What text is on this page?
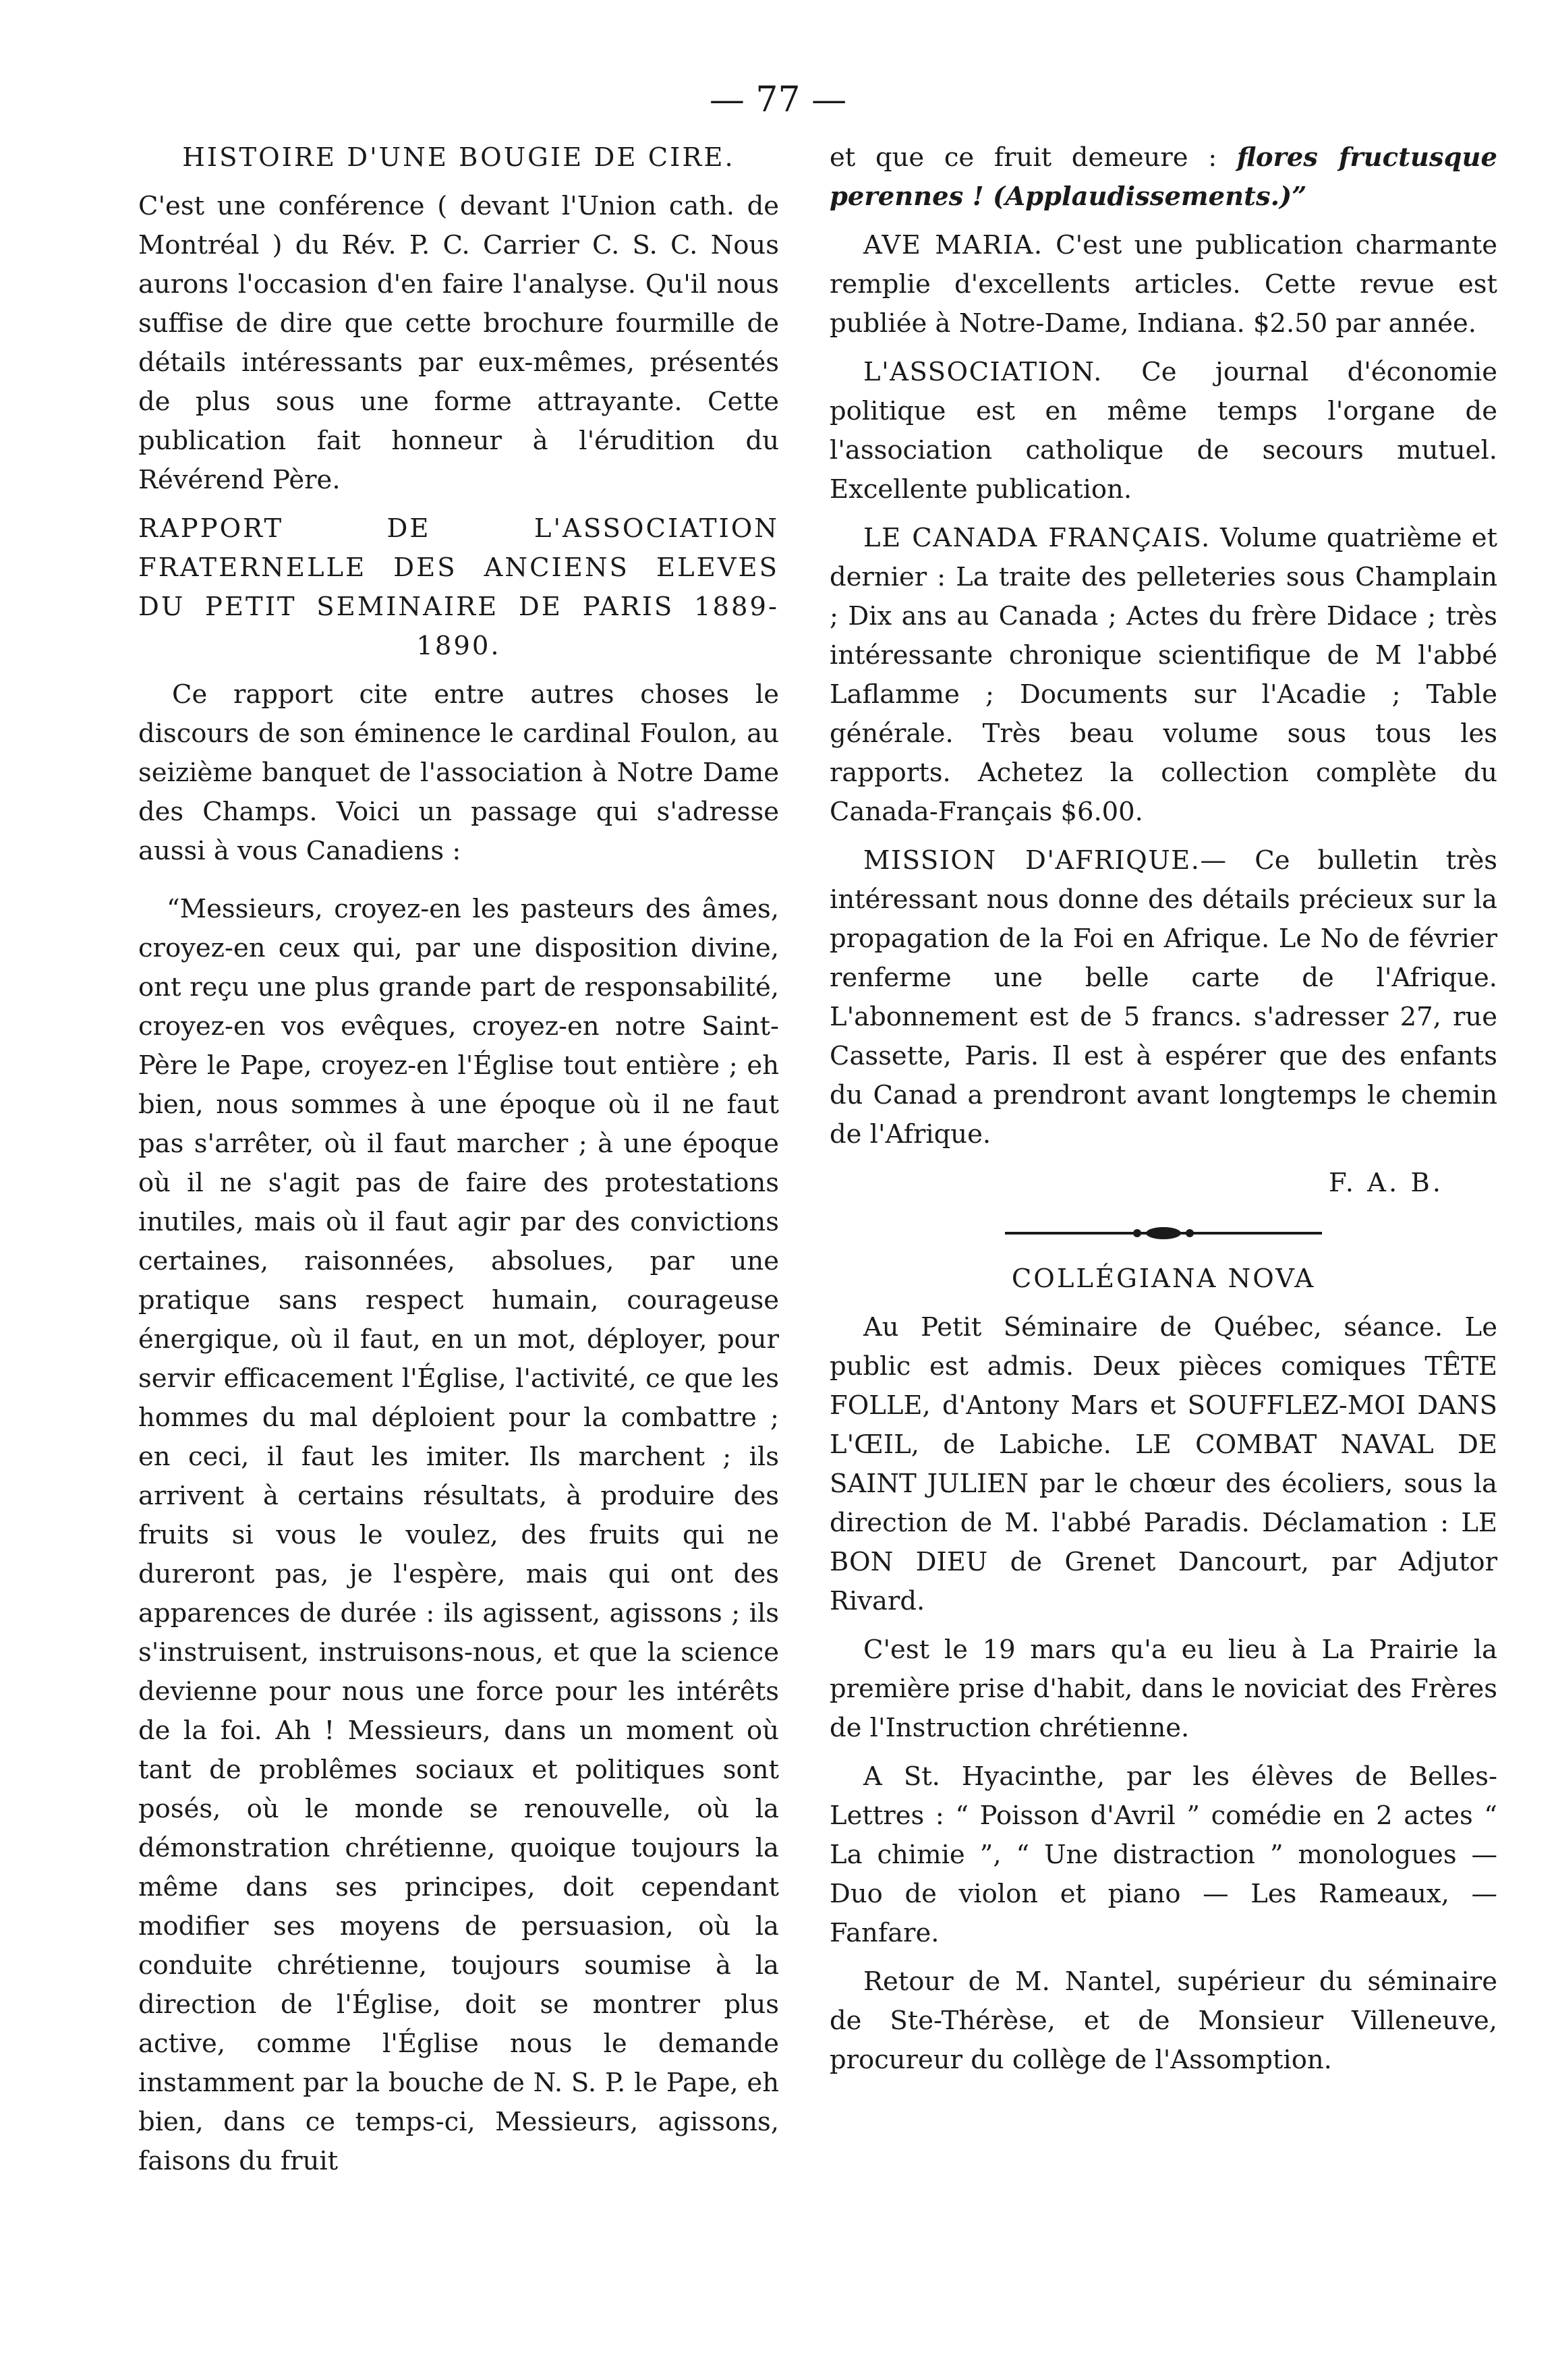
— 77 —

HISTOIRE D'UNE BOUGIE DE CIRE.

C'est une conférence ( devant l'Union cath. de Montréal ) du Rév. P. C. Carrier C. S. C. Nous aurons l'occasion d'en faire l'analyse. Qu'il nous suffise de dire que cette brochure fourmille de détails intéressants par eux-mêmes, présentés de plus sous une forme attrayante. Cette publication fait honneur à l'érudition du Révérend Père.

RAPPORT DE L'ASSOCIATION FRATERNELLE DES ANCIENS ELEVES DU PETIT SEMINAIRE DE PARIS 1889-1890.

Ce rapport cite entre autres choses le discours de son éminence le cardinal Foulon, au seizième banquet de l'association à Notre Dame des Champs. Voici un passage qui s'adresse aussi à vous Canadiens :

“Messieurs, croyez-en les pasteurs des âmes, croyez-en ceux qui, par une disposition divine, ont reçu une plus grande part de responsabilité, croyez-en vos evêques, croyez-en notre Saint-Père le Pape, croyez-en l'Église tout entière ; eh bien, nous sommes à une époque où il ne faut pas s'arrêter, où il faut marcher ; à une époque où il ne s'agit pas de faire des protestations inutiles, mais où il faut agir par des convictions certaines, raisonnées, absolues, par une pratique sans respect humain, courageuse énergique, où il faut, en un mot, déployer, pour servir efficacement l'Église, l'activité, ce que les hommes du mal déploient pour la combattre ; en ceci, il faut les imiter. Ils marchent ; ils arrivent à certains résultats, à produire des fruits si vous le voulez, des fruits qui ne dureront pas, je l'espère, mais qui ont des apparences de durée : ils agissent, agissons ; ils s'instruisent, instruisons-nous, et que la science devienne pour nous une force pour les intérêts de la foi. Ah ! Messieurs, dans un moment où tant de problêmes sociaux et politiques sont posés, où le monde se renouvelle, où la démonstration chrétienne, quoique toujours la même dans ses principes, doit cependant modifier ses moyens de persuasion, où la conduite chrétienne, toujours soumise à la direction de l'Église, doit se montrer plus active, comme l'Église nous le demande instamment par la bouche de N. S. P. le Pape, eh bien, dans ce temps-ci, Messieurs, agissons, faisons du fruit

et que ce fruit demeure : flores fructusque perennes ! (Applaudissements.)”

AVE MARIA. C'est une publication charmante remplie d'excellents articles. Cette revue est publiée à Notre-Dame, Indiana. $2.50 par année.

L'ASSOCIATION. Ce journal d'économie politique est en même temps l'organe de l'association catholique de secours mutuel. Excellente publication.

LE CANADA FRANÇAIS. Volume quatrième et dernier : La traite des pelleteries sous Champlain ; Dix ans au Canada ; Actes du frère Didace ; très intéressante chronique scientifique de M l'abbé Laflamme ; Documents sur l'Acadie ; Table générale. Très beau volume sous tous les rapports. Achetez la collection complète du Canada-Français $6.00.

MISSION D'AFRIQUE.— Ce bulletin très intéressant nous donne des détails précieux sur la propagation de la Foi en Afrique. Le No de février renferme une belle carte de l'Afrique. L'abonnement est de 5 francs. s'adresser 27, rue Cassette, Paris. Il est à espérer que des enfants du Canad a prendront avant longtemps le chemin de l'Afrique.

F. A. B.

COLLÉGIANA NOVA

Au Petit Séminaire de Québec, séance. Le public est admis. Deux pièces comiques TÊTE FOLLE, d'Antony Mars et SOUFFLEZ-MOI DANS L'ŒIL, de Labiche. LE COMBAT NAVAL DE SAINT JULIEN par le chœur des écoliers, sous la direction de M. l'abbé Paradis. Déclamation : LE BON DIEU de Grenet Dancourt, par Adjutor Rivard.

C'est le 19 mars qu'a eu lieu à La Prairie la première prise d'habit, dans le noviciat des Frères de l'Instruction chrétienne.

A St. Hyacinthe, par les élèves de Belles-Lettres : “ Poisson d'Avril ” comédie en 2 actes “ La chimie ”, “ Une distraction ” monologues —Duo de violon et piano — Les Rameaux, — Fanfare.

Retour de M. Nantel, supérieur du séminaire de Ste-Thérèse, et de Monsieur Villeneuve, procureur du collège de l'Assomption.
